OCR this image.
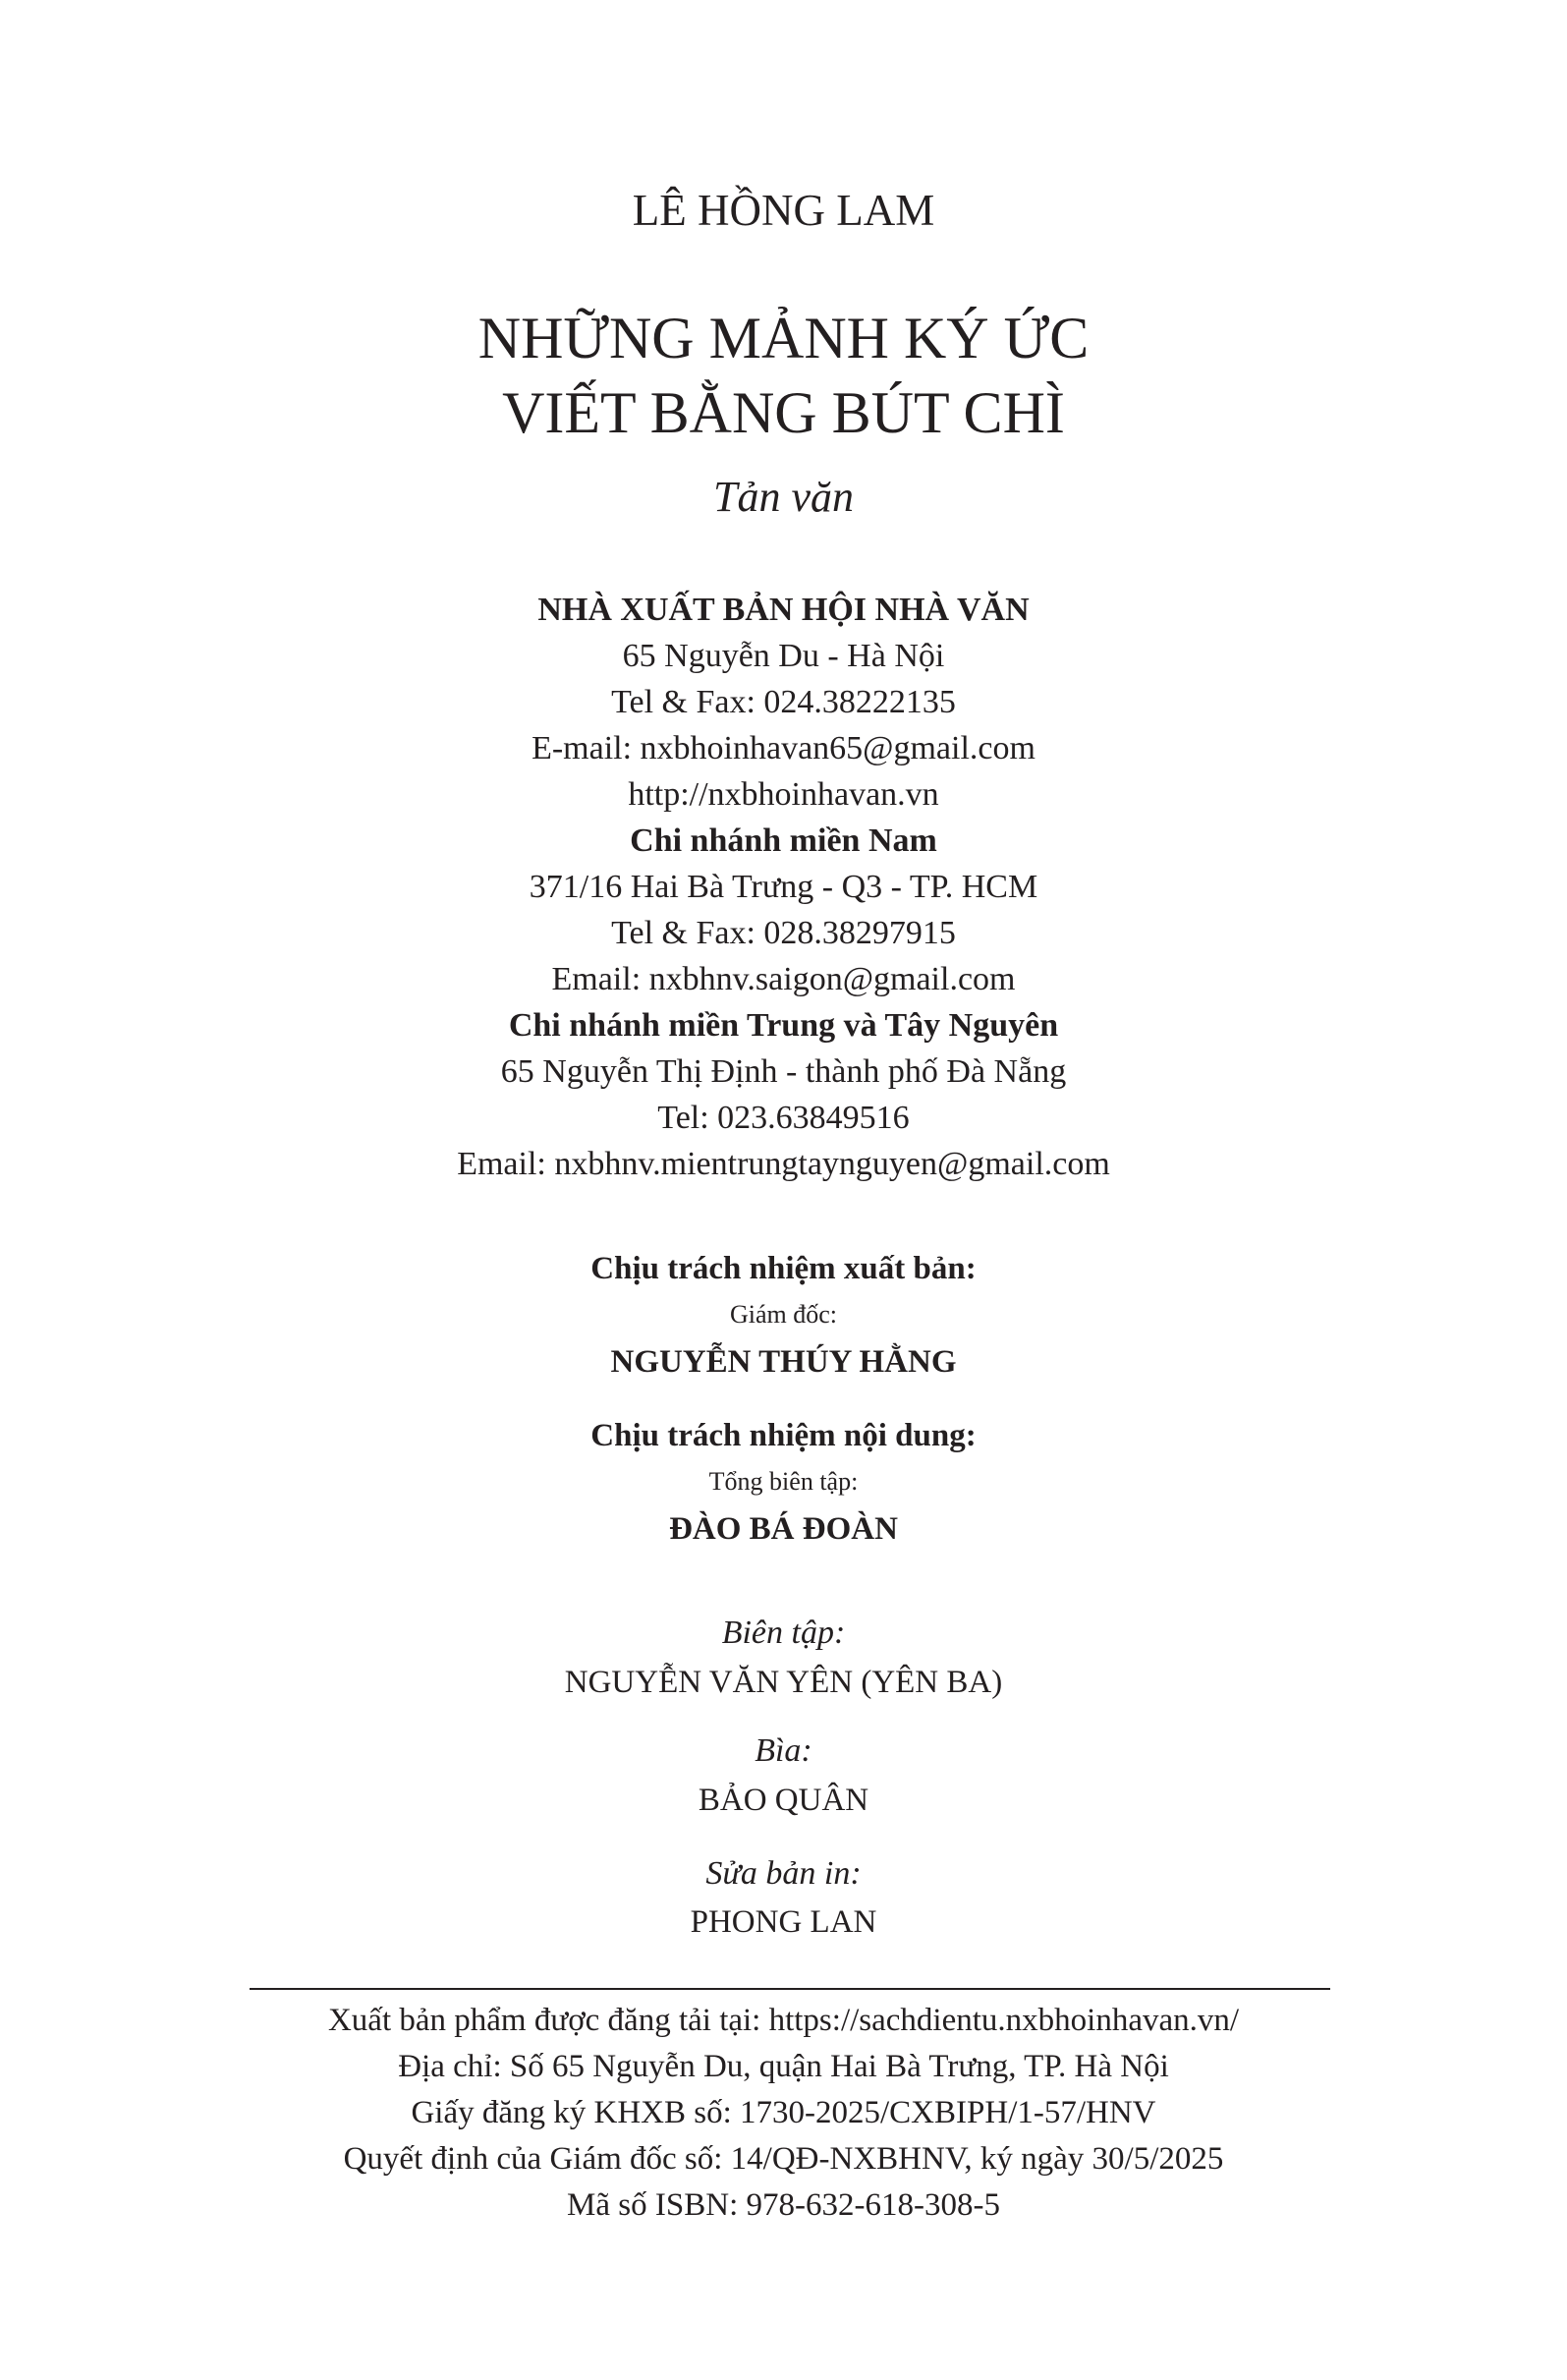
LÊ HỒNG LAM
NHỮNG MẢNH KÝ ỨC
VIẾT BẰNG BÚT CHÌ
Tản văn
NHÀ XUẤT BẢN HỘI NHÀ VĂN
65 Nguyễn Du - Hà Nội
Tel & Fax: 024.38222135
E-mail: nxbhoinhavan65@gmail.com
http://nxbhoinhavan.vn
Chi nhánh miền Nam
371/16 Hai Bà Trưng - Q3 - TP. HCM
Tel & Fax: 028.38297915
Email: nxbhnv.saigon@gmail.com
Chi nhánh miền Trung và Tây Nguyên
65 Nguyễn Thị Định - thành phố Đà Nẵng
Tel: 023.63849516
Email: nxbhnv.mientrungtaynguyen@gmail.com
Chịu trách nhiệm xuất bản:
Giám đốc:
NGUYỄN THÚY HẰNG
Chịu trách nhiệm nội dung:
Tổng biên tập:
ĐÀO BÁ ĐOÀN
Biên tập:
NGUYỄN VĂN YÊN (YÊN BA)
Bìa:
BẢO QUÂN
Sửa bản in:
PHONG LAN
Xuất bản phẩm được đăng tải tại: https://sachdientu.nxbhoinhavan.vn/
Địa chỉ: Số 65 Nguyễn Du, quận Hai Bà Trưng, TP. Hà Nội
Giấy đăng ký KHXB số: 1730-2025/CXBIPH/1-57/HNV
Quyết định của Giám đốc số: 14/QĐ-NXBHNV, ký ngày 30/5/2025
Mã số ISBN: 978-632-618-308-5
